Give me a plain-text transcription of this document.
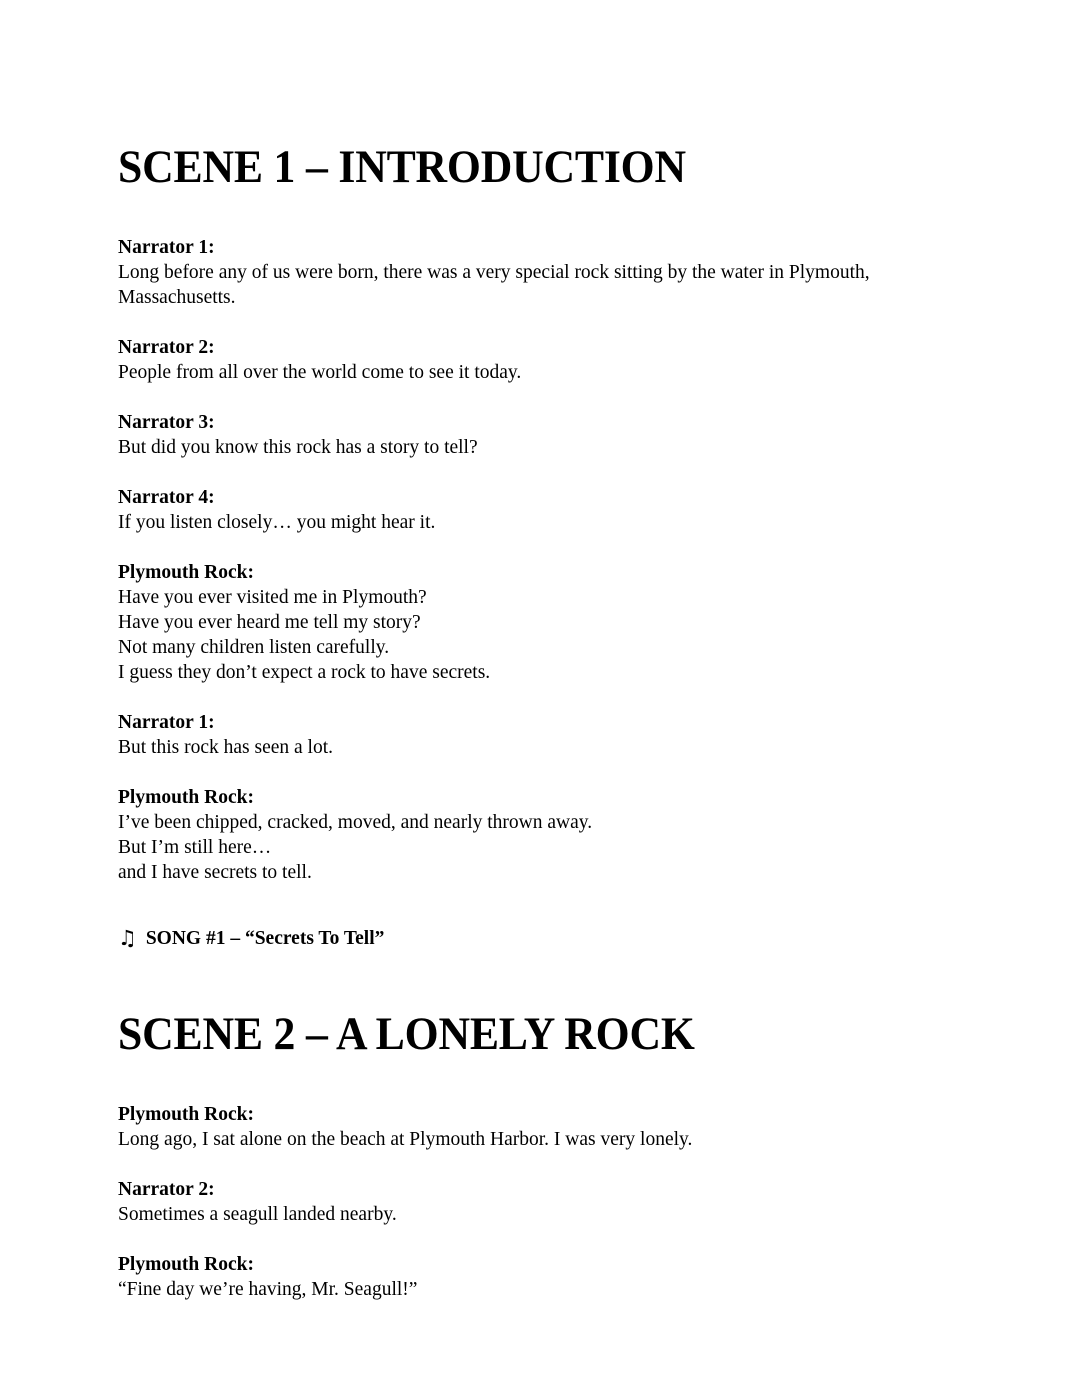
SCENE 1 – INTRODUCTION

Narrator 1:

Long before any of us were born, there was a very special rock sitting by the water in Plymouth, Massachusetts.

Narrator 2:

People from all over the world come to see it today.

Narrator 3:

But did you know this rock has a story to tell?

Narrator 4:

If you listen closely… you might hear it.

Plymouth Rock:

Have you ever visited me in Plymouth?

Have you ever heard me tell my story?

Not many children listen carefully.

I guess they don’t expect a rock to have secrets.

Narrator 1:

But this rock has seen a lot.

Plymouth Rock:

I’ve been chipped, cracked, moved, and nearly thrown away.

But I’m still here…

and I have secrets to tell.

♫ SONG #1 – “Secrets To Tell”
SCENE 2 – A LONELY ROCK

Plymouth Rock:

Long ago, I sat alone on the beach at Plymouth Harbor. I was very lonely.

Narrator 2:

Sometimes a seagull landed nearby.

Plymouth Rock:

“Fine day we’re having, Mr. Seagull!”
